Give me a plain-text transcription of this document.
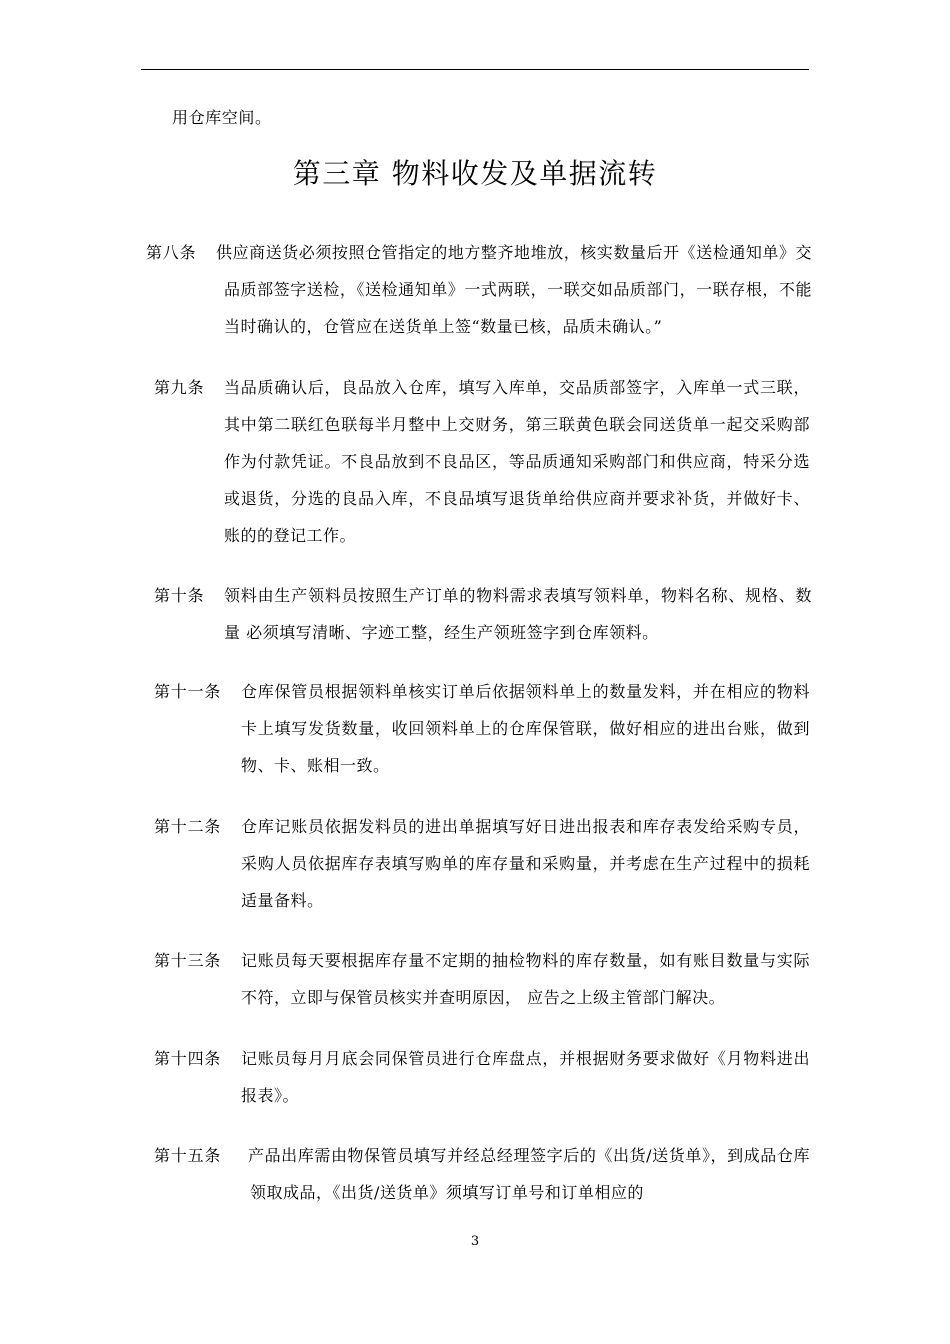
用仓库空间。
第三章 物料收发及单据流转
第八条 供应商送货必须按照仓管指定的地方整齐地堆放，核实数量后开《送检通知单》交品质部签字送检，《送检通知单》一式两联，一联交如品质部门，一联存根，不能当时确认的，仓管应在送货单上签“数量已核，品质未确认。”
第九条 当品质确认后，良品放入仓库，填写入库单，交品质部签字，入库单一式三联，其中第二联红色联每半月整中上交财务，第三联黄色联会同送货单一起交采购部作为付款凭证。不良品放到不良品区，等品质通知采购部门和供应商，特采分选或退货，分选的良品入库，不良品填写退货单给供应商并要求补货，并做好卡、账的的登记工作。
第十条 领料由生产领料员按照生产订单的物料需求表填写领料单，物料名称、规格、数量 必须填写清晰、字迹工整，经生产领班签字到仓库领料。
第十一条 仓库保管员根据领料单核实订单后依据领料单上的数量发料，并在相应的物料卡上填写发货数量，收回领料单上的仓库保管联，做好相应的进出台账，做到物、卡、账相一致。
第十二条 仓库记账员依据发料员的进出单据填写好日进出报表和库存表发给采购专员，采购人员依据库存表填写购单的库存量和采购量，并考虑在生产过程中的损耗适量备料。
第十三条 记账员每天要根据库存量不定期的抽检物料的库存数量，如有账目数量与实际不符，立即与保管员核实并查明原因， 应告之上级主管部门解决。
第十四条 记账员每月月底会同保管员进行仓库盘点，并根据财务要求做好《月物料进出报表》。
第十五条 产品出库需由物保管员填写并经总经理签字后的《出货/送货单》，到成品仓库领取成品，《出货/送货单》须填写订单号和订单相应的
3
